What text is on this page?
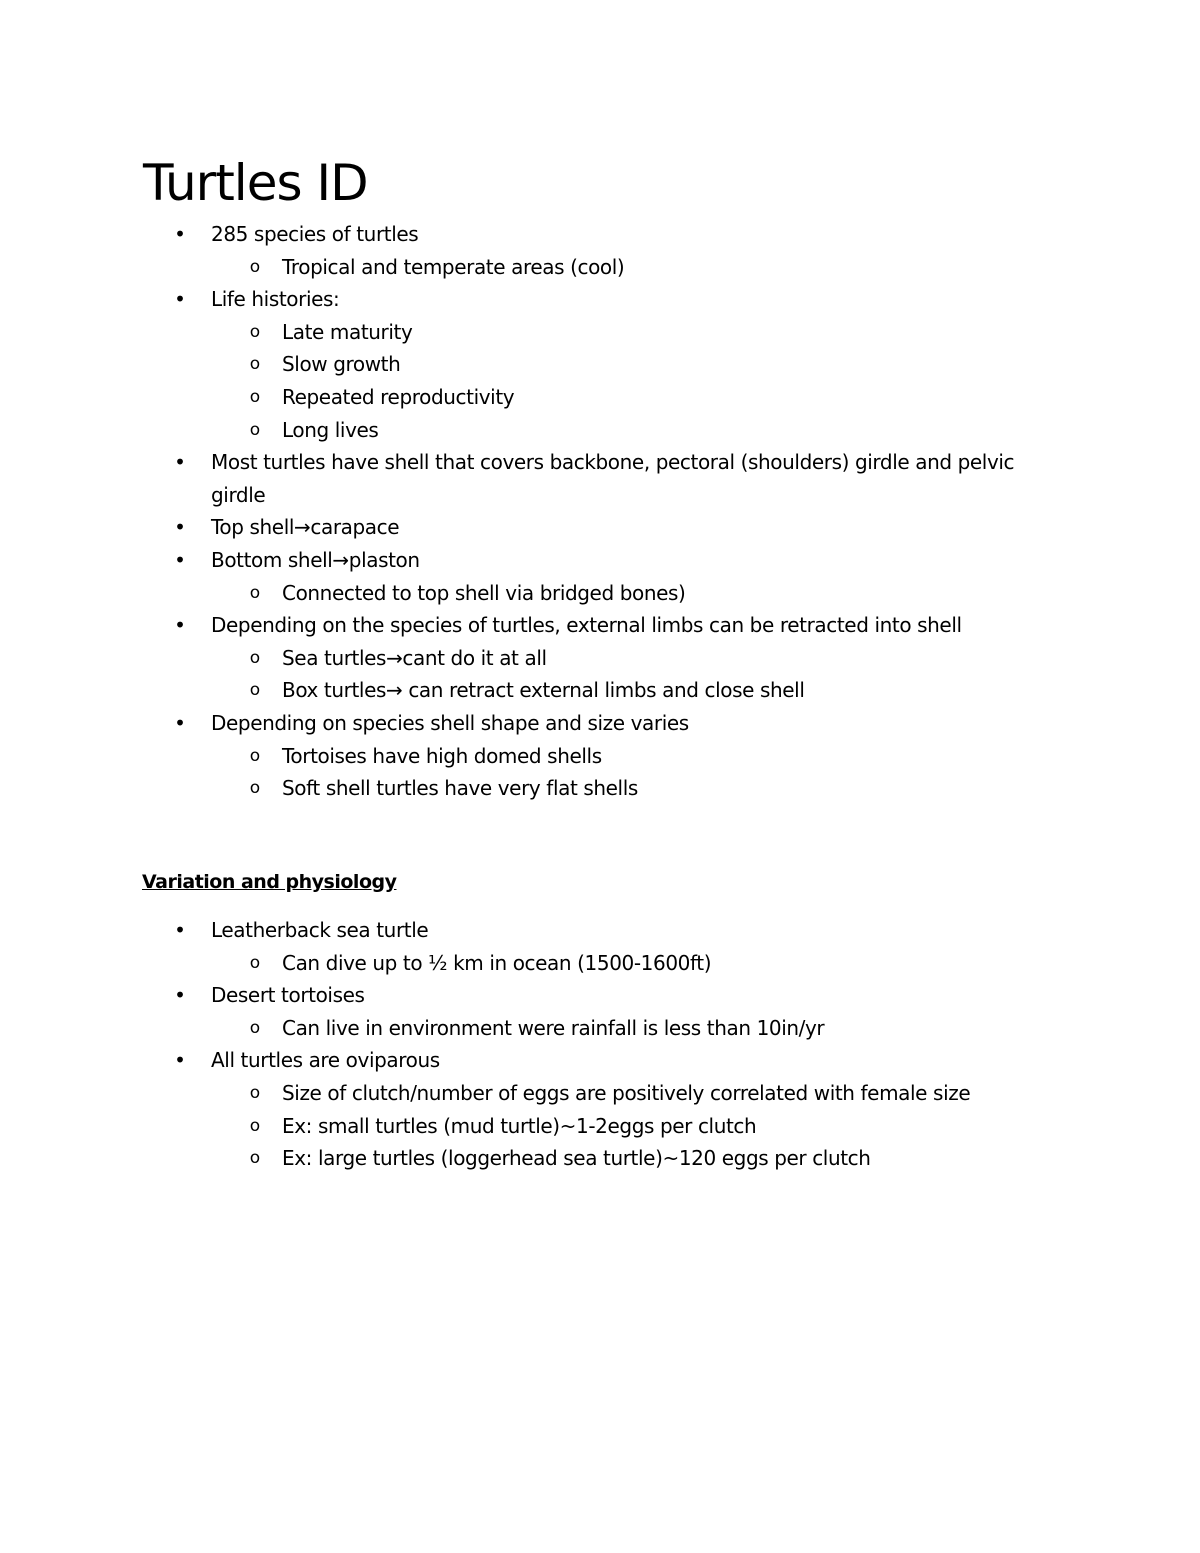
Turtles ID
• 285 species of turtles
o Tropical and temperate areas (cool)
• Life histories:
o Late maturity
o Slow growth
o Repeated reproductivity
o Long lives
• Most turtles have shell that covers backbone, pectoral (shoulders) girdle and pelvic
girdle
• Top shell→carapace
• Bottom shell→plaston
o Connected to top shell via bridged bones)
• Depending on the species of turtles, external limbs can be retracted into shell
o Sea turtles→cant do it at all
o Box turtles→ can retract external limbs and close shell
• Depending on species shell shape and size varies
o Tortoises have high domed shells
o Soft shell turtles have very flat shells
Variation and physiology
• Leatherback sea turtle
o Can dive up to ½ km in ocean (1500-1600ft)
• Desert tortoises
o Can live in environment were rainfall is less than 10in/yr
• All turtles are oviparous
o Size of clutch/number of eggs are positively correlated with female size
o Ex: small turtles (mud turtle)~1-2eggs per clutch
o Ex: large turtles (loggerhead sea turtle)~120 eggs per clutch
